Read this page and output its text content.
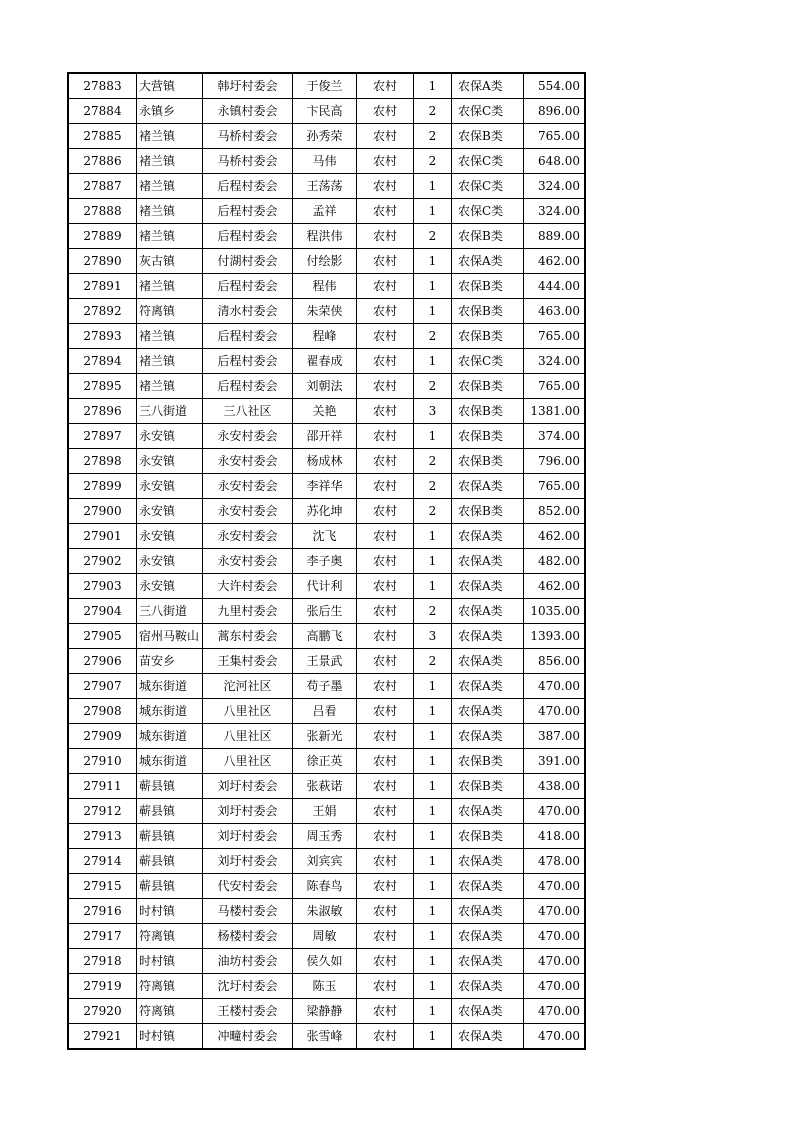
27883	大营镇	韩圩村委会	于俊兰	农村	1	农保A类	554.00
27884	永镇乡	永镇村委会	卞民高	农村	2	农保C类	896.00
27885	褚兰镇	马桥村委会	孙秀荣	农村	2	农保B类	765.00
27886	褚兰镇	马桥村委会	马伟	农村	2	农保C类	648.00
27887	褚兰镇	后程村委会	王荡荡	农村	1	农保C类	324.00
27888	褚兰镇	后程村委会	孟祥	农村	1	农保C类	324.00
27889	褚兰镇	后程村委会	程洪伟	农村	2	农保B类	889.00
27890	灰古镇	付湖村委会	付绘影	农村	1	农保A类	462.00
27891	褚兰镇	后程村委会	程伟	农村	1	农保B类	444.00
27892	符离镇	清水村委会	朱荣侠	农村	1	农保B类	463.00
27893	褚兰镇	后程村委会	程峰	农村	2	农保B类	765.00
27894	褚兰镇	后程村委会	翟春成	农村	1	农保C类	324.00
27895	褚兰镇	后程村委会	刘朝法	农村	2	农保B类	765.00
27896	三八街道	三八社区	关艳	农村	3	农保B类	1381.00
27897	永安镇	永安村委会	邵开祥	农村	1	农保B类	374.00
27898	永安镇	永安村委会	杨成林	农村	2	农保B类	796.00
27899	永安镇	永安村委会	李祥华	农村	2	农保A类	765.00
27900	永安镇	永安村委会	苏化坤	农村	2	农保B类	852.00
27901	永安镇	永安村委会	沈飞	农村	1	农保A类	462.00
27902	永安镇	永安村委会	李子奥	农村	1	农保A类	482.00
27903	永安镇	大许村委会	代计利	农村	1	农保A类	462.00
27904	三八街道	九里村委会	张后生	农村	2	农保A类	1035.00
27905	宿州马鞍山	蒿东村委会	高鹏飞	农村	3	农保A类	1393.00
27906	苗安乡	王集村委会	王景武	农村	2	农保A类	856.00
27907	城东街道	沱河社区	苟子墨	农村	1	农保A类	470.00
27908	城东街道	八里社区	吕看	农村	1	农保A类	470.00
27909	城东街道	八里社区	张新光	农村	1	农保A类	387.00
27910	城东街道	八里社区	徐正英	农村	1	农保B类	391.00
27911	蕲县镇	刘圩村委会	张萩诺	农村	1	农保B类	438.00
27912	蕲县镇	刘圩村委会	王娟	农村	1	农保A类	470.00
27913	蕲县镇	刘圩村委会	周玉秀	农村	1	农保B类	418.00
27914	蕲县镇	刘圩村委会	刘宾宾	农村	1	农保A类	478.00
27915	蕲县镇	代安村委会	陈春鸟	农村	1	农保A类	470.00
27916	时村镇	马楼村委会	朱淑敏	农村	1	农保A类	470.00
27917	符离镇	杨楼村委会	周敏	农村	1	农保A类	470.00
27918	时村镇	油坊村委会	侯久如	农村	1	农保A类	470.00
27919	符离镇	沈圩村委会	陈玉	农村	1	农保A类	470.00
27920	符离镇	王楼村委会	梁静静	农村	1	农保A类	470.00
27921	时村镇	冲疃村委会	张雪峰	农村	1	农保A类	470.00
